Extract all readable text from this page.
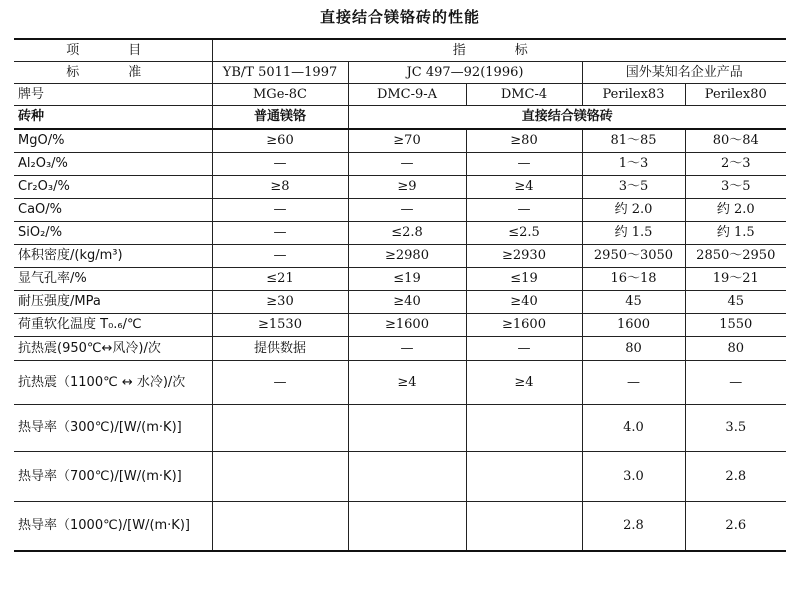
直接结合镁铬砖的性能
项　目	指　标				
标　准	YB/T 5011—1997	JC 497—92(1996)		国外某知名企业产品	
牌号	MGe-8C	DMC-9-A	DMC-4	Perilex83	Perilex80
砖种	普通镁铬	直接结合镁铬砖			
MgO/%	≥60	≥70	≥80	81～85	80～84
Al₂O₃/%	—	—	—	1～3	2～3
Cr₂O₃/%	≥8	≥9	≥4	3～5	3～5
CaO/%	—	—	—	约 2.0	约 2.0
SiO₂/%	—	≤2.8	≤2.5	约 1.5	约 1.5
体积密度/(kg/m³)	—	≥2980	≥2930	2950～3050	2850～2950
显气孔率/%	≤21	≤19	≤19	16～18	19～21
耐压强度/MPa	≥30	≥40	≥40	45	45
荷重软化温度 T₀.₆/℃	≥1530	≥1600	≥1600	1600	1550
抗热震(950℃↔风冷)/次	提供数据	—	—	80	80
抗热震（1100℃ ↔ 水冷)/次	—	≥4	≥4	—	—
热导率（300℃)/[W/(m·K)]				4.0	3.5
热导率（700℃)/[W/(m·K)]				3.0	2.8
热导率（1000℃)/[W/(m·K)]				2.8	2.6
